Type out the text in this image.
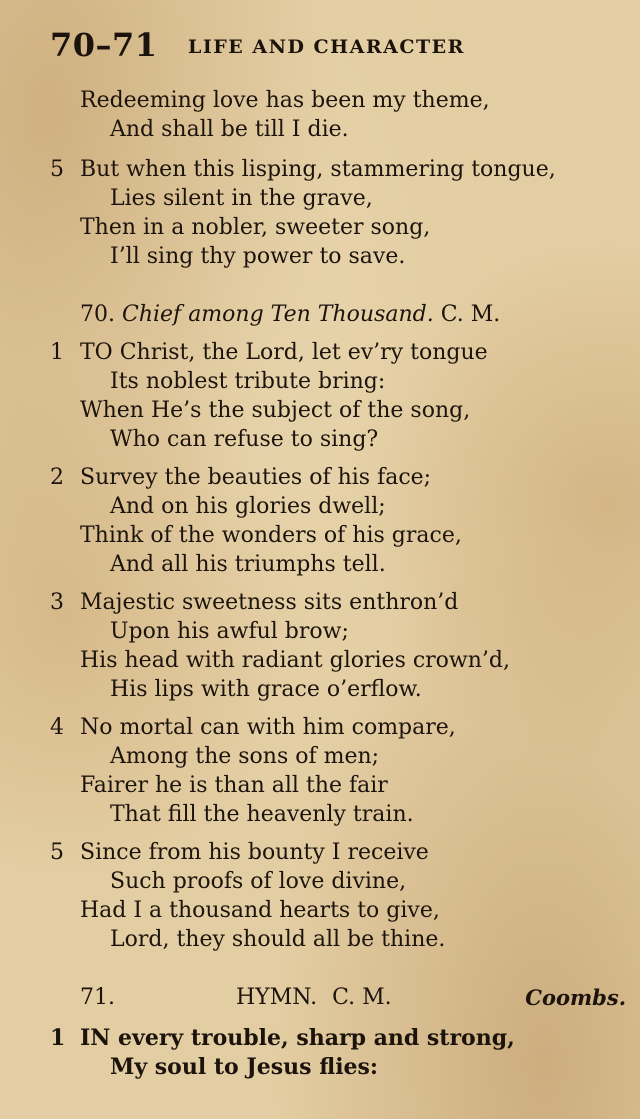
70–71 LIFE AND CHARACTER
Redeeming love has been my theme,
And shall be till I die.
5 But when this lisping, stammering tongue,
Lies silent in the grave,
Then in a nobler, sweeter song,
I’ll sing thy power to save.
70. Chief among Ten Thousand. C. M.
1 TO Christ, the Lord, let ev’ry tongue
Its noblest tribute bring:
When He’s the subject of the song,
Who can refuse to sing?
2 Survey the beauties of his face;
And on his glories dwell;
Think of the wonders of his grace,
And all his triumphs tell.
3 Majestic sweetness sits enthron’d
Upon his awful brow;
His head with radiant glories crown’d,
His lips with grace o’erflow.
4 No mortal can with him compare,
Among the sons of men;
Fairer he is than all the fair
That fill the heavenly train.
5 Since from his bounty I receive
Such proofs of love divine,
Had I a thousand hearts to give,
Lord, they should all be thine.
71.	HYMN. C. M.	Coombs.
1 IN every trouble, sharp and strong,
My soul to Jesus flies:
